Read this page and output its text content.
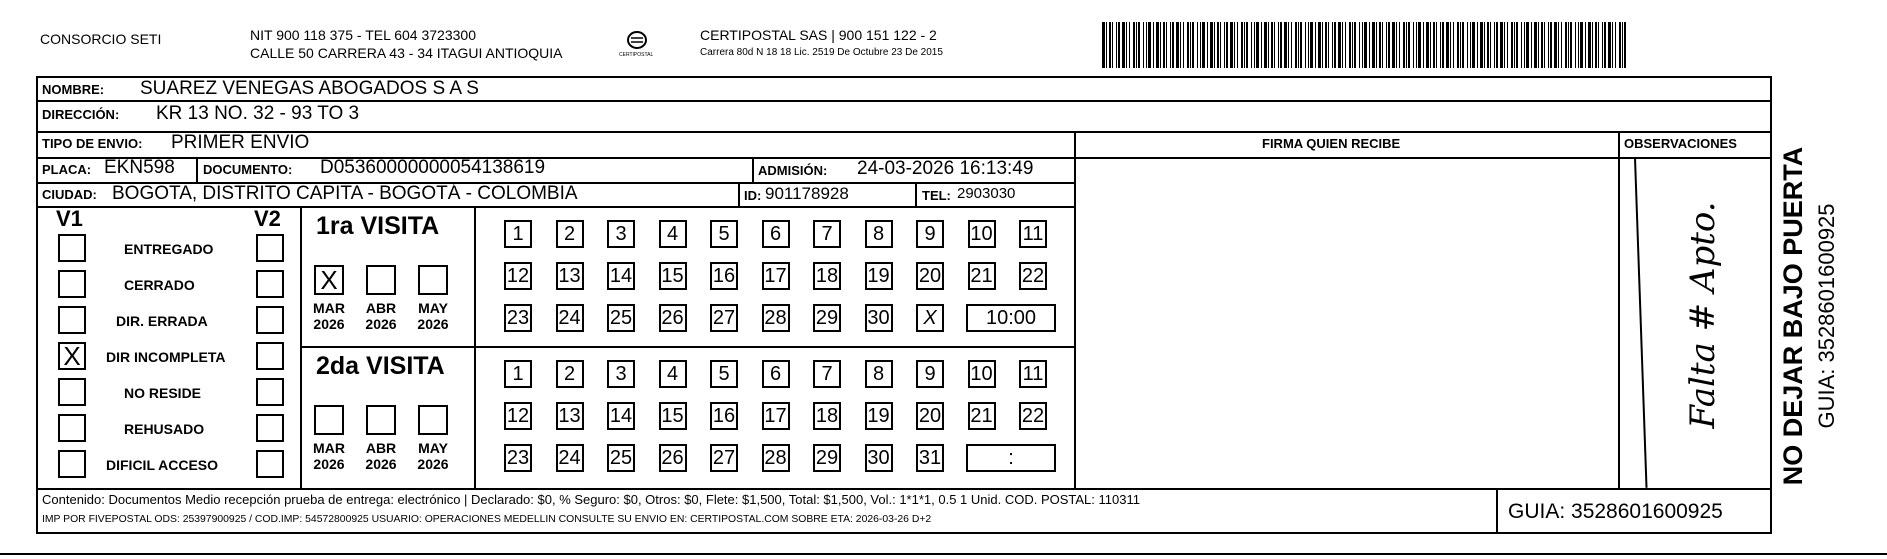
CONSORCIO SETI	NIT 900 118 375 - TEL 604 3723300
CALLE 50 CARRERA 43 - 34 ITAGUI ANTIOQUIA	CERTIPOSTAL
CERTIPOSTAL SAS | 900 151 122 - 2
Carrera 80d N 18 18 Lic. 2519 De Octubre 23 De 2015
NOMBRE: SUAREZ VENEGAS ABOGADOS S A S
DIRECCIÓN: KR 13 NO. 32 - 93 TO 3
TIPO DE ENVIO: PRIMER ENVIO	FIRMA QUIEN RECIBE	OBSERVACIONES
PLACA: EKN598 DOCUMENTO: D05360000000054138619	ADMISIÓN: 24-03-2026 16:13:49
CIUDAD: BOGOTA, DISTRITO CAPITA - BOGOTÁ - COLOMBIA	ID: 901178928	TEL: 2903030
V1	V2
ENTREGADO
CERRADO
DIR. ERRADA
X	DIR INCOMPLETA
NO RESIDE
REHUSADO
DIFICIL ACCESO
1ra VISITA
X
MAR
2026
ABR
2026
MAY
2026
1	2	3	4	5	6	7	8	9	10 11
12 13 14 15 16 17 18 19 20 21 22
23 24 25 26 27 28 29 30	X	10:00
2da VISITA
MAR
2026
ABR
2026
MAY
2026
1	2	3	4	5	6	7	8	9	10 11
12 13 14 15 16 17 18 19 20 21 22
23 24 25 26 27 28 29 30 31	:
Falta # Apto.
Contenido: Documentos Medio recepción prueba de entrega: electrónico | Declarado: $0, % Seguro: $0, Otros: $0, Flete: $1,500, Total: $1,500, Vol.: 1*1*1, 0.5 1 Unid. COD. POSTAL: 110311
IMP POR FIVEPOSTAL ODS: 25397900925 / COD.IMP: 54572800925 USUARIO: OPERACIONES MEDELLIN CONSULTE SU ENVIO EN: CERTIPOSTAL.COM SOBRE ETA: 2026-03-26 D+2	GUIA: 3528601600925
NO DEJAR BAJO PUERTA GUIA: 3528601600925
